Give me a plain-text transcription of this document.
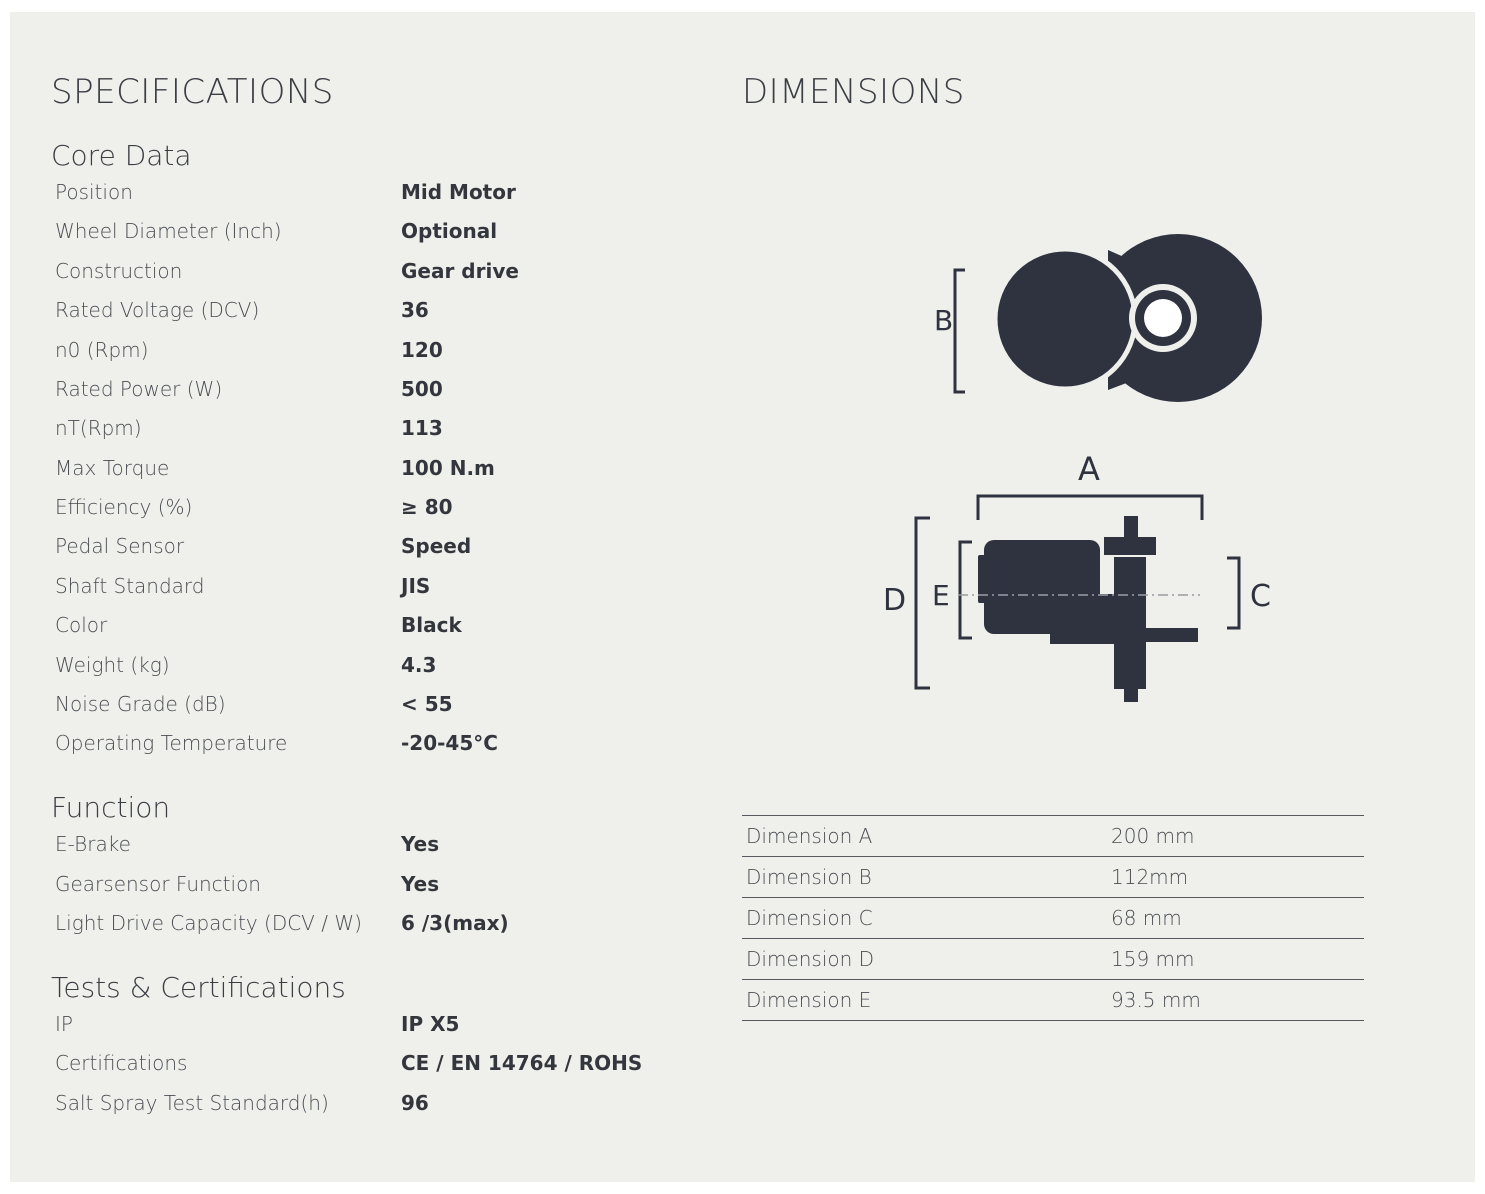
SPECIFICATIONS	DIMENSIONS
Core Data
Position	Mid Motor
Wheel Diameter (Inch)	Optional
Construction	Gear drive
Rated Voltage (DCV)	36
n0 (Rpm)	120
Rated Power (W)	500
nT(Rpm)	113
Max Torque	100 N.m
Efficiency (%)	≥ 80
Pedal Sensor	Speed
Shaft Standard	JIS
Color	Black
Weight (kg)	4.3
Noise Grade (dB)	< 55
Operating Temperature	-20-45°C
Function
E-Brake	Yes
Gearsensor Function	Yes
Light Drive Capacity (DCV / W) 6 /3(max)
Tests & Certifications
IP	IP X5
Certifications	CE / EN 14764 / ROHS
Salt Spray Test Standard(h)	96
B
A
D E	C
Dimension A	200 mm
Dimension B	112mm
Dimension C	68 mm
Dimension D	159 mm
Dimension E	93.5 mm
